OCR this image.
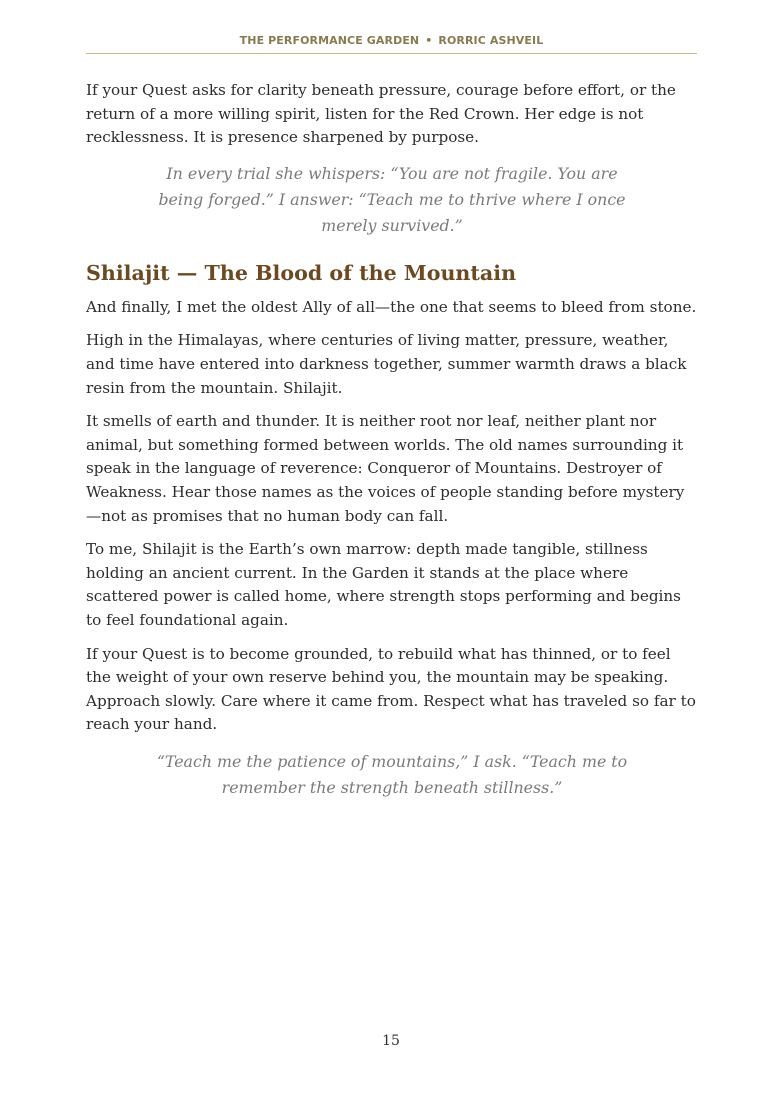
THE PERFORMANCE GARDEN • RORRIC ASHVEIL

If your Quest asks for clarity beneath pressure, courage before effort, or the return of a more willing spirit, listen for the Red Crown. Her edge is not recklessness. It is presence sharpened by purpose.

In every trial she whispers: “You are not fragile. You are being forged.” I answer: “Teach me to thrive where I once merely survived.”
Shilajit — The Blood of the Mountain

And finally, I met the oldest Ally of all—the one that seems to bleed from stone.

High in the Himalayas, where centuries of living matter, pressure, weather, and time have entered into darkness together, summer warmth draws a black resin from the mountain. Shilajit.

It smells of earth and thunder. It is neither root nor leaf, neither plant nor animal, but something formed between worlds. The old names surrounding it speak in the language of reverence: Conqueror of Mountains. Destroyer of Weakness. Hear those names as the voices of people standing before mystery—not as promises that no human body can fall.

To me, Shilajit is the Earth’s own marrow: depth made tangible, stillness holding an ancient current. In the Garden it stands at the place where scattered power is called home, where strength stops performing and begins to feel foundational again.

If your Quest is to become grounded, to rebuild what has thinned, or to feel the weight of your own reserve behind you, the mountain may be speaking. Approach slowly. Care where it came from. Respect what has traveled so far to reach your hand.

“Teach me the patience of mountains,” I ask. “Teach me to remember the strength beneath stillness.”
15
